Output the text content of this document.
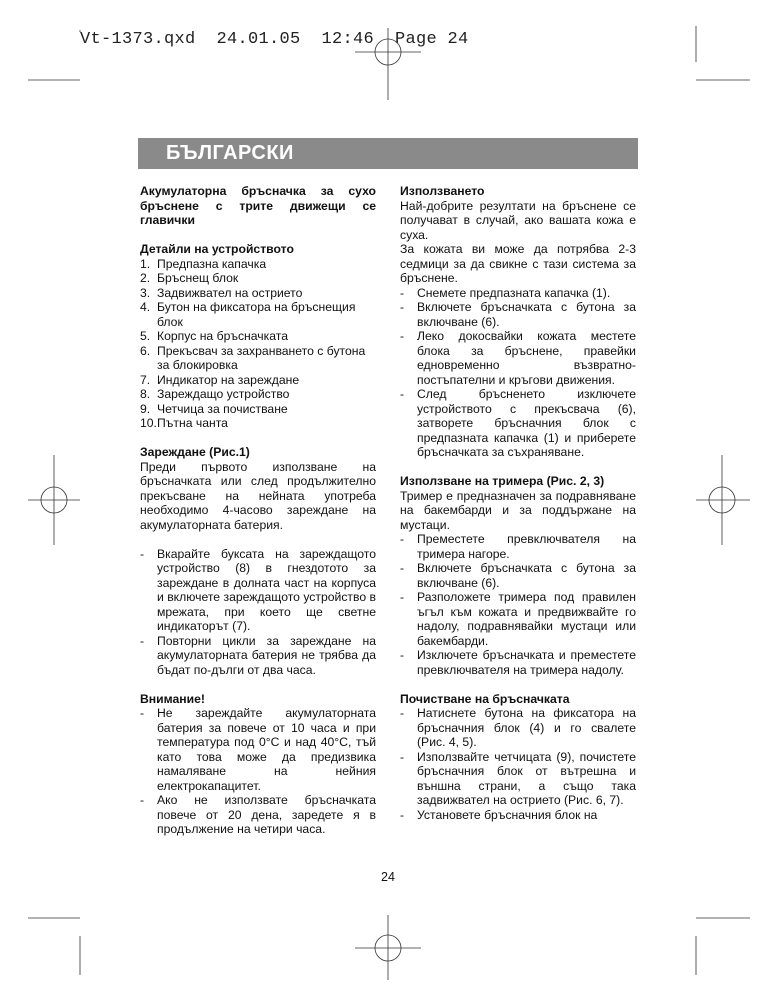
Vt-1373.qxd  24.01.05  12:46  Page 24
БЪЛГАРСКИ

Акумулаторна бръсначка за сухо бръснене с трите движещи се главички

Детайли на устройството
1. Предпазна капачка
2. Бръснещ блок
3. Задвижвател на острието
4. Бутон на фиксатора на бръснещия блок
5. Корпус на бръсначката
6. Прекъсвач за захранването с бутона за блокировка
7. Индикатор на зареждане
8. Зареждащо устройство
9. Четчица за почистване
10. Пътна чанта
Зареждане (Рис.1)

Преди първото използване на бръсначката или след продължително прекъсване на нейната употреба необходимо 4-часово зареждане на акумулаторната батерия.

-	Вкарайте буксата на зареждащото устройство (8) в гнездотото за зареждане в долната част на корпуса и включете зареждащото устройство в мрежата, при което ще светне индикаторът (7).
-	Повторни цикли за зареждане на акумулаторната батерия не трябва да бъдат по-дълги от два часа.
Внимание!
-	Не зареждайте акумулаторната батерия за повече от 10 часа и при температура под 0°C и над 40°C, тъй като това може да предизвика намаляване на нейния електрокапацитет.
-	Ако не използвате бръсначката повече от 20 дена, заредете я в продължение на четири часа.
Използването

Най-добрите резултати на бръснене се получават в случай, ако вашата кожа е суха.

За кожата ви може да потрябва 2-3 седмици за да свикне с тази система за бръснене.

-	Снемете предпазната капачка (1).
-	Включете бръсначката с бутона за включване (6).
-	Леко докосвайки кожата местете блока за бръснене, правейки едновременно възвратно-постъпателни и кръгови движения.
-	След бръсненето изключете устройството с прекъсвача (6), затворете бръсначния блок с предпазната капачка (1) и приберете бръсначката за съхраняване.
Използване на тримера (Рис. 2, 3)

Тример е предназначен за подравняване на бакембарди и за поддържане на мустаци.

-	Преместете превключвателя на тримера нагоре.
-	Включете бръсначката с бутона за включване (6).
-	Разположете тримера под правилен ъгъл към кожата и предвижвайте го надолу, подравнявайки мустаци или бакембарди.
-	Изключете бръсначката и преместете превключвателя на тримера надолу.
Почистване на бръсначката
-	Натиснете бутона на фиксатора на бръсначния блок (4) и го свалете (Рис. 4, 5).
-	Използвайте четчицата (9), почистете бръсначния блок от вътрешна и външна страни, а също така задвижвател на острието (Рис. 6, 7).
-	Установете бръсначния блок на
24
